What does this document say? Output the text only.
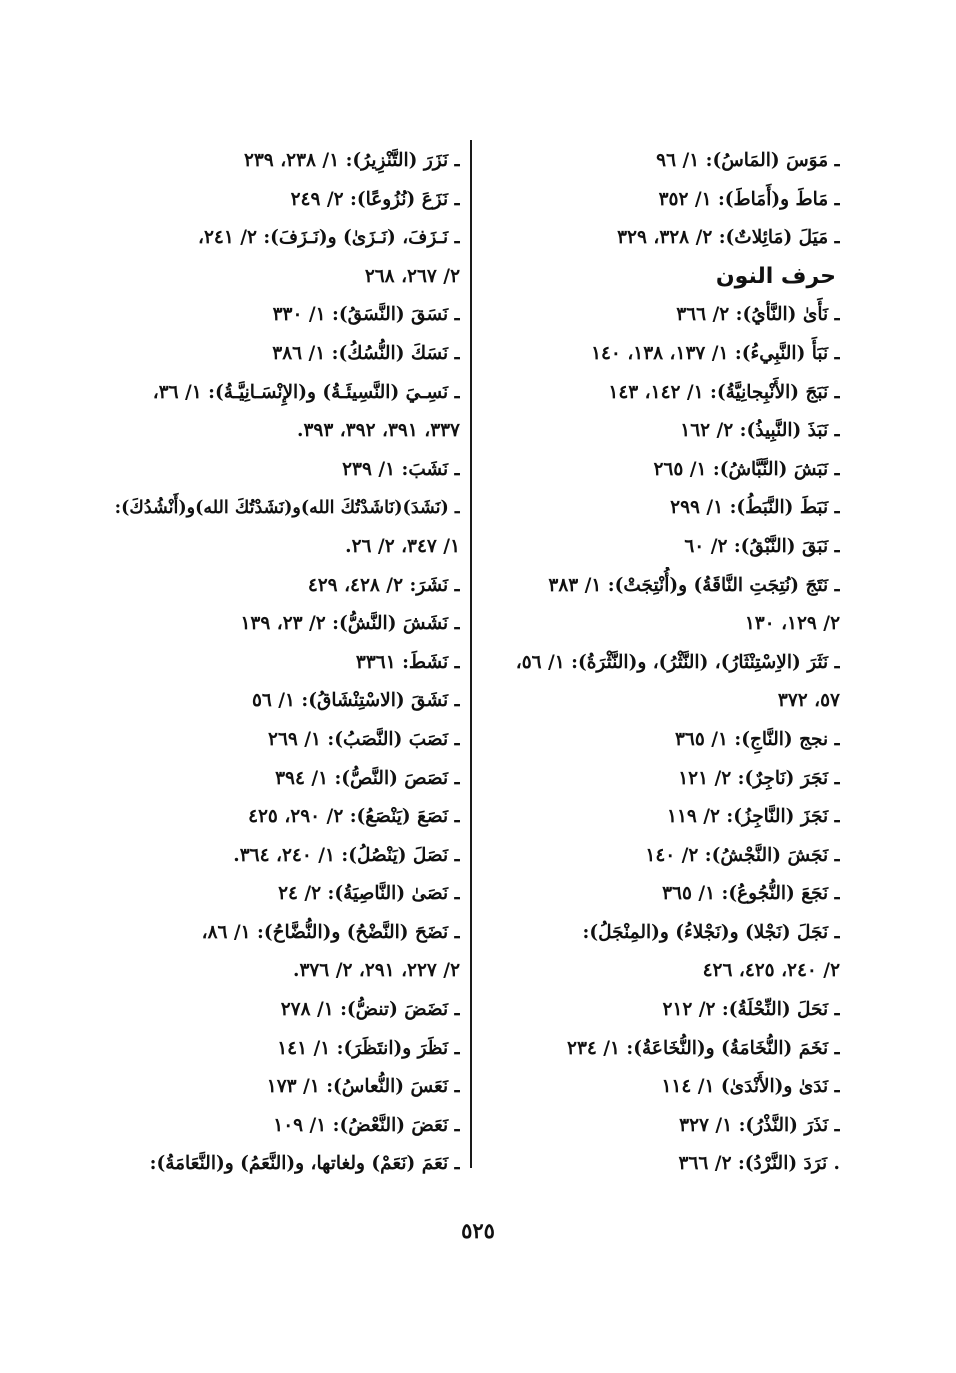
ـ مَوَسَ (المَاسُ): ١/ ٩٦
ـ مَاطَ و(أَمَاطَ): ١/ ٣٥٢
ـ مَيَلَ (مَائِلاتٌ): ٢/ ٣٢٨، ٣٢٩
حرف النون
ـ نَأَىٰ (النَّأيُ): ٢/ ٣٦٦
ـ نَبَأَ (النَّبِيءُ): ١/ ١٣٧، ١٣٨، ١٤٠
ـ نَبَجَ (الأَنْبِجانِيَّةُ): ١/ ١٤٢، ١٤٣
ـ نَبَذَ (النَّبِيذُ): ٢/ ١٦٢
ـ نَبَشَ (النَّبَّاشُ): ١/ ٢٦٥
ـ نَبَطَ (النَّبَطُ): ١/ ٢٩٩
ـ نَبَقَ (النَّبْقُ): ٢/ ٦٠
ـ نَتَجَ (نُتِجَتِ النَّاقَةُ) و(أُنْتِجَتْ): ١/ ٣٨٣
٢/ ١٢٩، ١٣٠
ـ نَثَرَ (الاِسْتِنْثَارُ)، (النَّثْرُ)، و(النَّثْرَةُ): ١/ ٥٦،
٥٧، ٣٧٢
ـ نجج (النَّاجِ): ١/ ٣٦٥
ـ نَجَرَ (نَاجِرٌ): ٢/ ١٢١
ـ نَجَزَ (النَّاجِزُ): ٢/ ١١٩
ـ نَجَشَ (النَّجْشُ): ٢/ ١٤٠
ـ نَجَعَ (النُّجُوعُ): ١/ ٣٦٥
ـ نَجَلَ (نَجْلا) و(نَجْلاءُ) و(المِنْجَلُ):
٢/ ٢٤٠، ٤٢٥، ٤٢٦
ـ نَحَلَ (النِّحْلَةُ): ٢/ ٢١٢
ـ نَخَمَ (النُّخَامَةُ) و(النُّخَاعَةُ): ١/ ٢٣٤
ـ نَدَىٰ و(الأَنْدَىٰ) ١/ ١١٤
ـ نَذَرَ (النَّذْرُ): ١/ ٣٢٧
. نَرَدَ (النَّرْدُ): ٢/ ٣٦٦
ـ نَزَرَ (التَّنْزِيرُ): ١/ ٢٣٨، ٢٣٩
ـ نَزَعَ (نُزُوعًا): ٢/ ٢٤٩
ـ نَـزَفَ، (نَـزَىٰ) و(نَـزَفَ): ٢/ ٢٤١،
٢/ ٢٦٧، ٢٦٨
ـ نَسَقَ (النَّسَقُ): ١/ ٣٣٠
ـ نَسَكَ (النُّسُكُ): ١/ ٣٨٦
ـ نَسِـيَ (النَّسِيئَـةُ) و(الإِنْسَـانِيَّـةُ): ١/ ٣٦،
٣٣٧، ٣٩١، ٣٩٢، ٣٩٣.
ـ نَشَبَ: ١/ ٢٣٩
ـ (نَشَدَ)(نَاشَدْتُكَ الله)و(نَشَدْتُكَ الله)و(أَنْشُدُكَ):
١/ ٣٤٧، ٢/ ٢٦.
ـ نَشَرَ: ٢/ ٤٢٨، ٤٢٩
ـ نَشَشَ (النَّشُّ): ٢/ ٢٣، ١٣٩
ـ نَشَطَ: ٣٣٦١
ـ نَشَقَ (الاسْتِنْشَاقُ): ١/ ٥٦
ـ نَصَبَ (النَّصَبُ): ١/ ٢٦٩
ـ نَصَصَ (النَّصُّ): ١/ ٣٩٤
ـ نَصَعَ (يَنْصَعُ): ٢/ ٢٩٠، ٤٢٥
ـ نَصَلَ (يَنْصُلُ): ١/ ٢٤٠، ٣٦٤.
ـ نَصَىٰ (النَّاصِيَةُ): ٢/ ٢٤
ـ نَضَحَ (النَّضْحُ) و(النُّضَّاحُ): ١/ ٨٦،
٢/ ٢٢٧، ٢٩١، ٢/ ٣٧٦.
ـ نَضَضَ (تنضُّ): ١/ ٢٧٨
ـ نَظَرَ و(انتَظَرَ): ١/ ١٤١
ـ نَعَسَ (النُّعاسُ): ١/ ١٧٣
ـ نَعَضَ (النَّعْضُ): ١/ ١٠٩
ـ نَعَمَ (نَعَمْ) ولغاتها، و(النَّعَمُ) و(النَّعَامَةُ):
٥٢٥
